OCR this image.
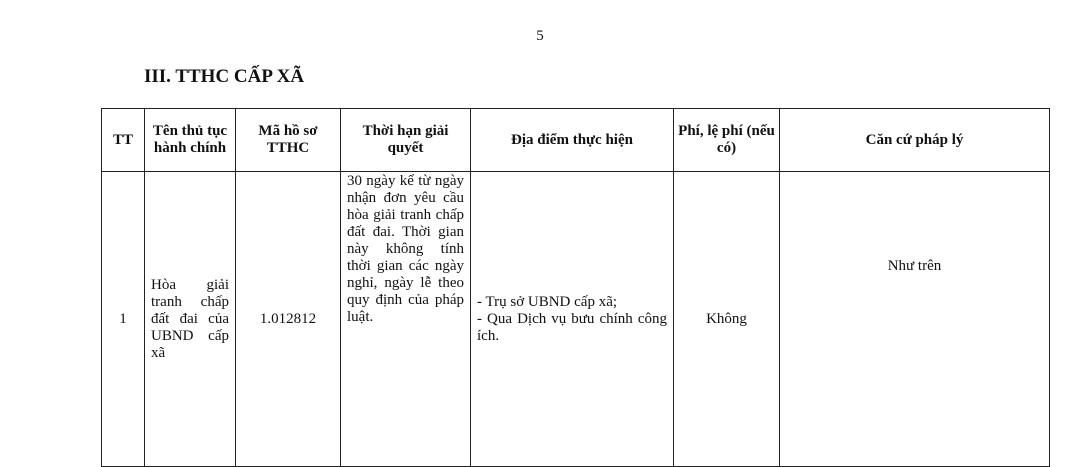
5
III. TTHC CẤP XÃ
TT	Tên thủ tục hành chính	Mã hồ sơ TTHC	Thời hạn giải quyết	Địa điểm thực hiện	Phí, lệ phí (nếu có)	Căn cứ pháp lý
1	Hòa giải tranh chấp đất đai của UBND cấp xã	1.012812	30 ngày kể từ ngày nhận đơn yêu cầu hòa giải tranh chấp đất đai. Thời gian này không tính thời gian các ngày nghỉ, ngày lễ theo quy định của pháp luật.	- Trụ sở UBND cấp xã;
- Qua Dịch vụ bưu chính công ích.	Không	Như trên
